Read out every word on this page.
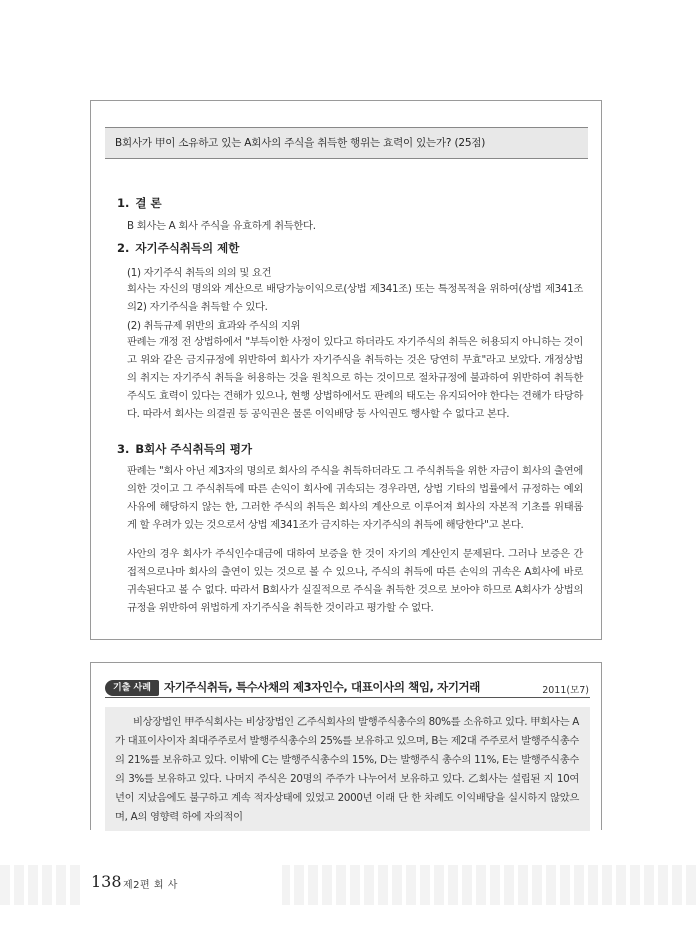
B회사가 甲이 소유하고 있는 A회사의 주식을 취득한 행위는 효력이 있는가? (25점)
1. 결 론
B 회사는 A 회사 주식을 유효하게 취득한다.
2. 자기주식취득의 제한
(1) 자기주식 취득의 의의 및 요건
회사는 자신의 명의와 계산으로 배당가능이익으로(상법 제341조) 또는 특정목적을 위하여(상법 제341조의2) 자기주식을 취득할 수 있다.
(2) 취득규제 위반의 효과와 주식의 지위
판례는 개정 전 상법하에서 "부득이한 사정이 있다고 하더라도 자기주식의 취득은 허용되지 아니하는 것이고 위와 같은 금지규정에 위반하여 회사가 자기주식을 취득하는 것은 당연히 무효"라고 보았다. 개정상법의 취지는 자기주식 취득을 허용하는 것을 원칙으로 하는 것이므로 절차규정에 불과하여 위반하여 취득한 주식도 효력이 있다는 견해가 있으나, 현행 상법하에서도 판례의 태도는 유지되어야 한다는 견해가 타당하다. 따라서 회사는 의결권 등 공익권은 물론 이익배당 등 사익권도 행사할 수 없다고 본다.
3. B회사 주식취득의 평가
판례는 "회사 아닌 제3자의 명의로 회사의 주식을 취득하더라도 그 주식취득을 위한 자금이 회사의 출연에 의한 것이고 그 주식취득에 따른 손익이 회사에 귀속되는 경우라면, 상법 기타의 법률에서 규정하는 예외사유에 해당하지 않는 한, 그러한 주식의 취득은 회사의 계산으로 이루어져 회사의 자본적 기초를 위태롭게 할 우려가 있는 것으로서 상법 제341조가 금지하는 자기주식의 취득에 해당한다"고 본다.
사안의 경우 회사가 주식인수대금에 대하여 보증을 한 것이 자기의 계산인지 문제된다. 그러나 보증은 간접적으로나마 회사의 출연이 있는 것으로 볼 수 있으나, 주식의 취득에 따른 손익의 귀속은 A회사에 바로 귀속된다고 볼 수 없다. 따라서 B회사가 실질적으로 주식을 취득한 것으로 보아야 하므로 A회사가 상법의 규정을 위반하여 위법하게 자기주식을 취득한 것이라고 평가할 수 없다.
기출 사례	자기주식취득, 특수사채의 제3자인수, 대표이사의 책임, 자기거래	2011(모7)
비상장법인 甲주식회사는 비상장법인 乙주식회사의 발행주식총수의 80%를 소유하고 있다. 甲회사는 A가 대표이사이자 최대주주로서 발행주식총수의 25%를 보유하고 있으며, B는 제2대 주주로서 발행주식총수의 21%를 보유하고 있다. 이밖에 C는 발행주식총수의 15%, D는 발행주식 총수의 11%, E는 발행주식총수의 3%를 보유하고 있다. 나머지 주식은 20명의 주주가 나누어서 보유하고 있다. 乙회사는 설립된 지 10여년이 지났음에도 불구하고 계속 적자상태에 있었고 2000년 이래 단 한 차례도 이익배당을 실시하지 않았으며, A의 영향력 하에 자의적이
138 제2편 회 사
